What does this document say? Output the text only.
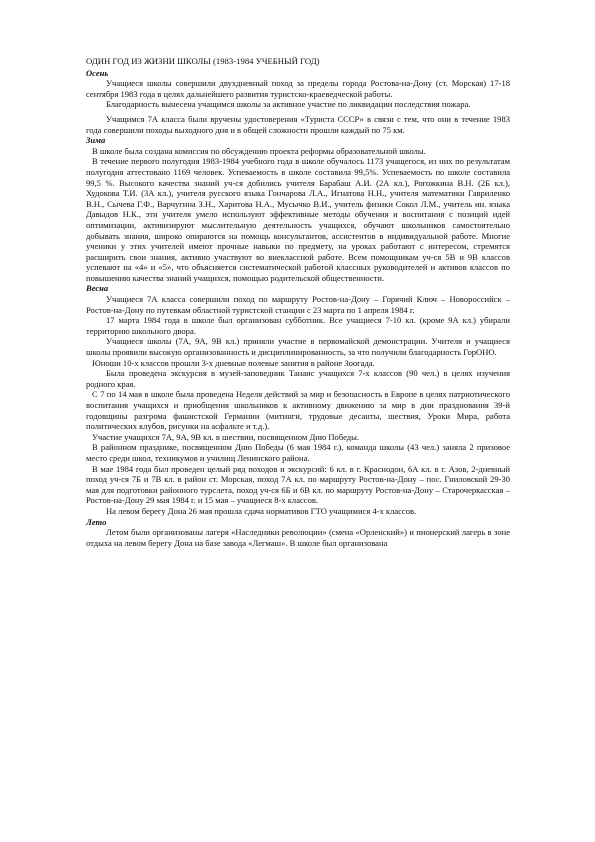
ОДИН ГОД ИЗ ЖИЗНИ ШКОЛЫ (1983-1984 УЧЕБНЫЙ ГОД)

Осень

Учащиеся школы совершили двухдневный поход за пределы города Ростова-на-Дону (ст. Морская) 17-18 сентября 1983 года в целях дальнейшего развития туристско-краеведческой работы.

Благодарность вынесена учащимся школы за активное участие по ликвидации последствия пожара.

Учащимся 7А класса были вручены удостоверения «Туриста СССР» в связи с тем, что они в течение 1983 года совершили походы выходного дня и в общей сложности прошли каждый по 75 км.

Зима

В школе была создана комиссия по обсуждению проекта реформы образовательной школы.

В течение первого полугодия 1983-1984 учебного года в школе обучалось 1173 учащегося, из них по результатам полугодия аттестовано 1169 человек. Успеваемость в школе составила 99,5%. Успеваемость по школе составила 99,5 %. Высокого качества знаний уч-ся добились учителя Барабаш А.И. (2А кл.), Рогожкина В.Н. (2Б кл.), Худокова Т.И. (3А кл.), учителя русского языка Гончарова Л.А., Игнатова Н.Н., учителя математики Гавриленко В.Н., Сычева Г.Ф., Варчугина З.Н., Харитова Н.А., Мусычко В.И., учитель физики Сокол Л.М., учитель ин. языка Давыдов Н.К., эти учителя умело используют эффективные методы обучения и воспитания с позиций идей оптимизации, активизируют мыслительную деятельность учащихся, обучают школьников самостоятельно добывать знания, широко опираются на помощь консультантов, ассистентов в индивидуальной работе. Многие ученики у этих учителей имеют прочные навыки по предмету, на уроках работают с интересом, стремятся расширить свои знания, активно участвуют во внеклассной работе. Всем помощникам уч-ся 5В и 9В классов успевают на «4» и «5», что объясняется систематической работой классных руководителей и активов классов по повышению качества знаний учащихся, помощью родительской общественности.

Весна

Учащиеся 7А класса совершили поход по маршруту Ростов-на-Дону – Горячий Ключ – Новороссийск – Ростов-на-Дону по путевкам областной туристской станции с 23 марта по 1 апреля 1984 г.

17 марта 1984 года в школе был организован субботник. Все учащиеся 7-10 кл. (кроме 9А кл.) убирали территорию школьного двора.

Учащиеся школы (7А, 9А, 9В кл.) приняли участие в первомайской демонстрации. Учителя и учащиеся школы проявили высокую организованность и дисциплинированность, за что получили благодарность ГорОНО.

Юноши 10-х классов прошли 3-х дневные полевые занятия в районе Зоогада.

Была проведена экскурсия в музей-заповедник Танаис учащихся 7-х классов (90 чел.) в целях изучения родного края.

С 7 по 14 мая в школе была проведена Неделя действий за мир и безопасность в Европе в целях патриотического воспитания учащихся и приобщения школьников к активному движению за мир в дни празднования 39-й годовщины разгрома фашистской Германии (митинги, трудовые десанты, шествия, Уроки Мира, работа политических клубов, рисунки на асфальте и т.д.).

Участие учащихся 7А, 9А, 9В кл. в шествии, посвященном Дню Победы.

В районном празднике, посвященном Дню Победы (6 мая 1984 г.), команда школы (43 чел.) заняла 2 призовое место среди школ, техникумов и училищ Ленинского района.

В мае 1984 года был проведен целый ряд походов и экскурсий: 6 кл. в г. Краснодон, 6А кл. в г. Азов, 2-дневный поход уч-ся 7Б и 7В кл. в район ст. Морская, поход 7А кл. по маршруту Ростов-на-Дону – пос. Гниловской 29-30 мая для подготовки районного турслета, поход уч-ся 6Б и 6В кл. по маршруту Ростов-на-Дону – Старочеркасская – Ростов-на-Дону 29 мая 1984 г. и 15 мая – учащиеся 8-х классов.

На левом берегу Дона 26 мая прошла сдача нормативов ГТО учащимися 4-х классов.

Лето

Летом были организованы лагеря «Наследники революции» (смена «Орленский») и пионерский лагерь в зоне отдыха на левом берегу Дона на базе завода «Легмаш». В школе был организована
